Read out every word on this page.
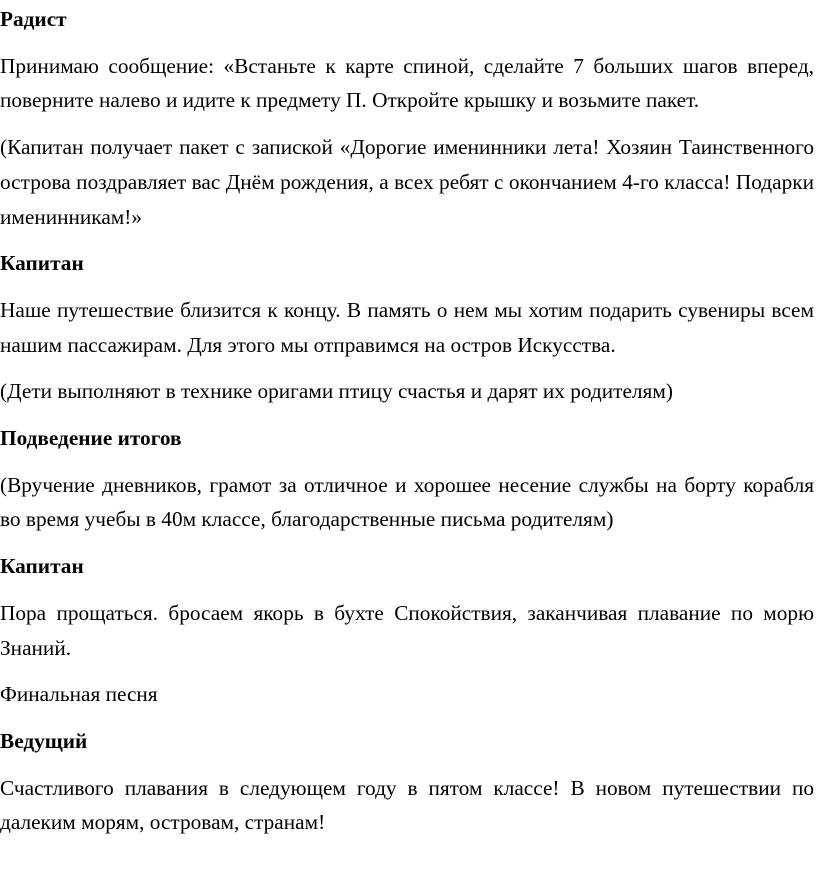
Радист
Принимаю сообщение: «Встаньте к карте спиной, сделайте 7 больших шагов вперед, поверните налево и идите к предмету П. Откройте крышку и возьмите пакет.
(Капитан получает пакет с запиской «Дорогие именинники лета! Хозяин Таинственного острова поздравляет вас Днём рождения, а всех ребят с окончанием 4-го класса! Подарки именинникам!»
Капитан
Наше путешествие близится к концу. В память о нем мы хотим подарить сувениры всем нашим пассажирам. Для этого мы отправимся на остров Искусства.
(Дети выполняют в технике оригами птицу счастья и дарят их родителям)
Подведение итогов
(Вручение дневников, грамот за отличное и хорошее несение службы на борту корабля во время учебы в 40м классе, благодарственные письма родителям)
Капитан
Пора прощаться. бросаем якорь в бухте Спокойствия, заканчивая плавание по морю Знаний.
Финальная песня
Ведущий
Счастливого плавания в следующем году в пятом классе! В новом путешествии по далеким морям, островам, странам!
